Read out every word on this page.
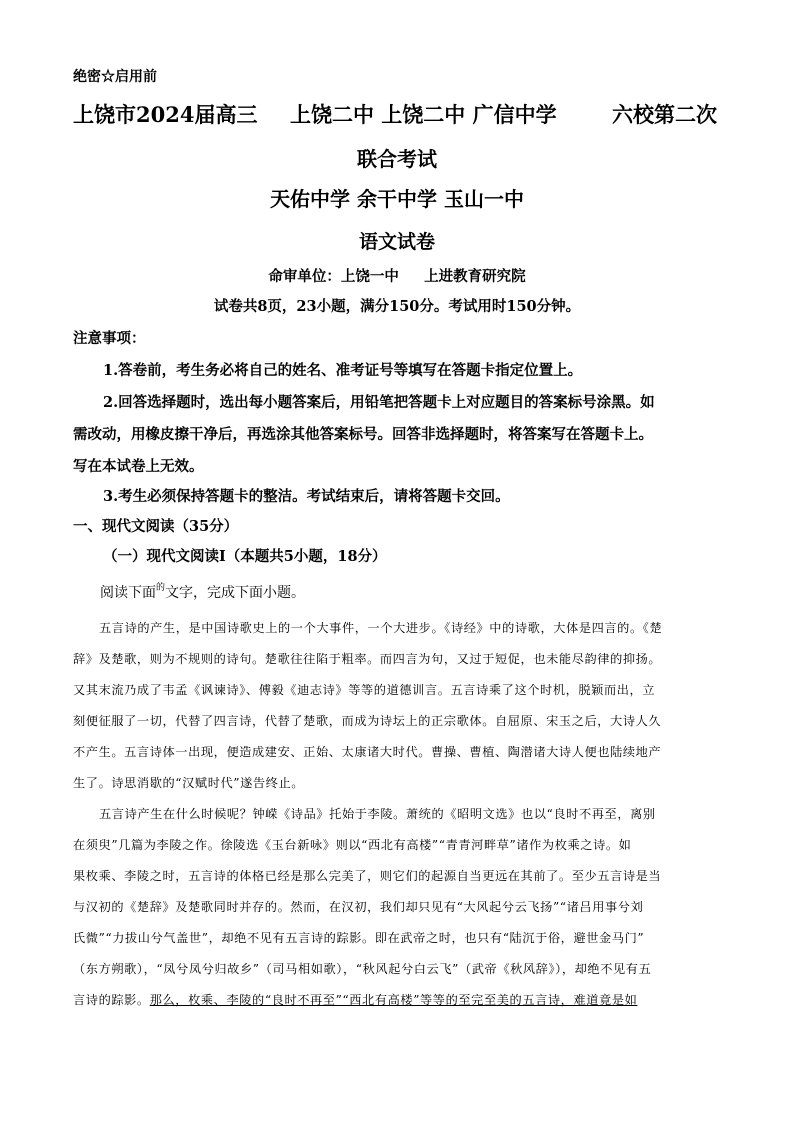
绝密☆启用前
上饶市2024届高三 上饶二中 上饶二中 广信中学	六校第二次
联合考试
天佑中学 余干中学 玉山一中
语文试卷
命审单位：上饶一中     上进教育研究院
试卷共8页，23小题，满分150分。考试用时150分钟。
注意事项：
1.答卷前，考生务必将自己的姓名、准考证号等填写在答题卡指定位置上。
2.回答选择题时，选出每小题答案后，用铅笔把答题卡上对应题目的答案标号涂黑。如
需改动，用橡皮擦干净后，再选涂其他答案标号。回答非选择题时，将答案写在答题卡上。
写在本试卷上无效。
3.考生必须保持答题卡的整洁。考试结束后，请将答题卡交回。
一、现代文阅读（35分）
（一）现代文阅读Ⅰ（本题共5小题，18分）
阅读下面$^的$文字，完成下面小题。
五言诗的产生，是中国诗歌史上的一个大事件，一个大进步。《诗经》中的诗歌，大体是四言的。《楚
辞》及楚歌，则为不规则的诗句。楚歌往往陷于粗率。而四言为句，又过于短促，也未能尽韵律的抑扬。
又其末流乃成了韦孟《讽谏诗》、傅毅《迪志诗》等等的道德训言。五言诗乘了这个时机，脱颖而出，立
刻便征服了一切，代替了四言诗，代替了楚歌，而成为诗坛上的正宗歌体。自屈原、宋玉之后，大诗人久
不产生。五言诗体一出现，便造成建安、正始、太康诸大时代。曹操、曹植、陶潜诸大诗人便也陆续地产
生了。诗思消歇的“汉赋时代”遂告终止。
五言诗产生在什么时候呢？钟嵘《诗品》托始于李陵。萧统的《昭明文选》也以“良时不再至，离别
在须臾”几篇为李陵之作。徐陵选《玉台新咏》则以“西北有高楼”“青青河畔草”诸作为枚乘之诗。如
果枚乘、李陵之时，五言诗的体格已经是那么完美了，则它们的起源自当更远在其前了。至少五言诗是当
与汉初的《楚辞》及楚歌同时并存的。然而，在汉初，我们却只见有“大风起兮云飞扬”“诸吕用事兮刘
氏微”“力拔山兮气盖世”，却绝不见有五言诗的踪影。即在武帝之时，也只有“陆沉于俗，避世金马门”
（东方朔歌），“凤兮凤兮归故乡”（司马相如歌），“秋风起兮白云飞”（武帝《秋风辞》），却绝不见有五
言诗的踪影。那么，枚乘、李陵的“良时不再至”“西北有高楼”等等的至完至美的五言诗，难道竟是如
